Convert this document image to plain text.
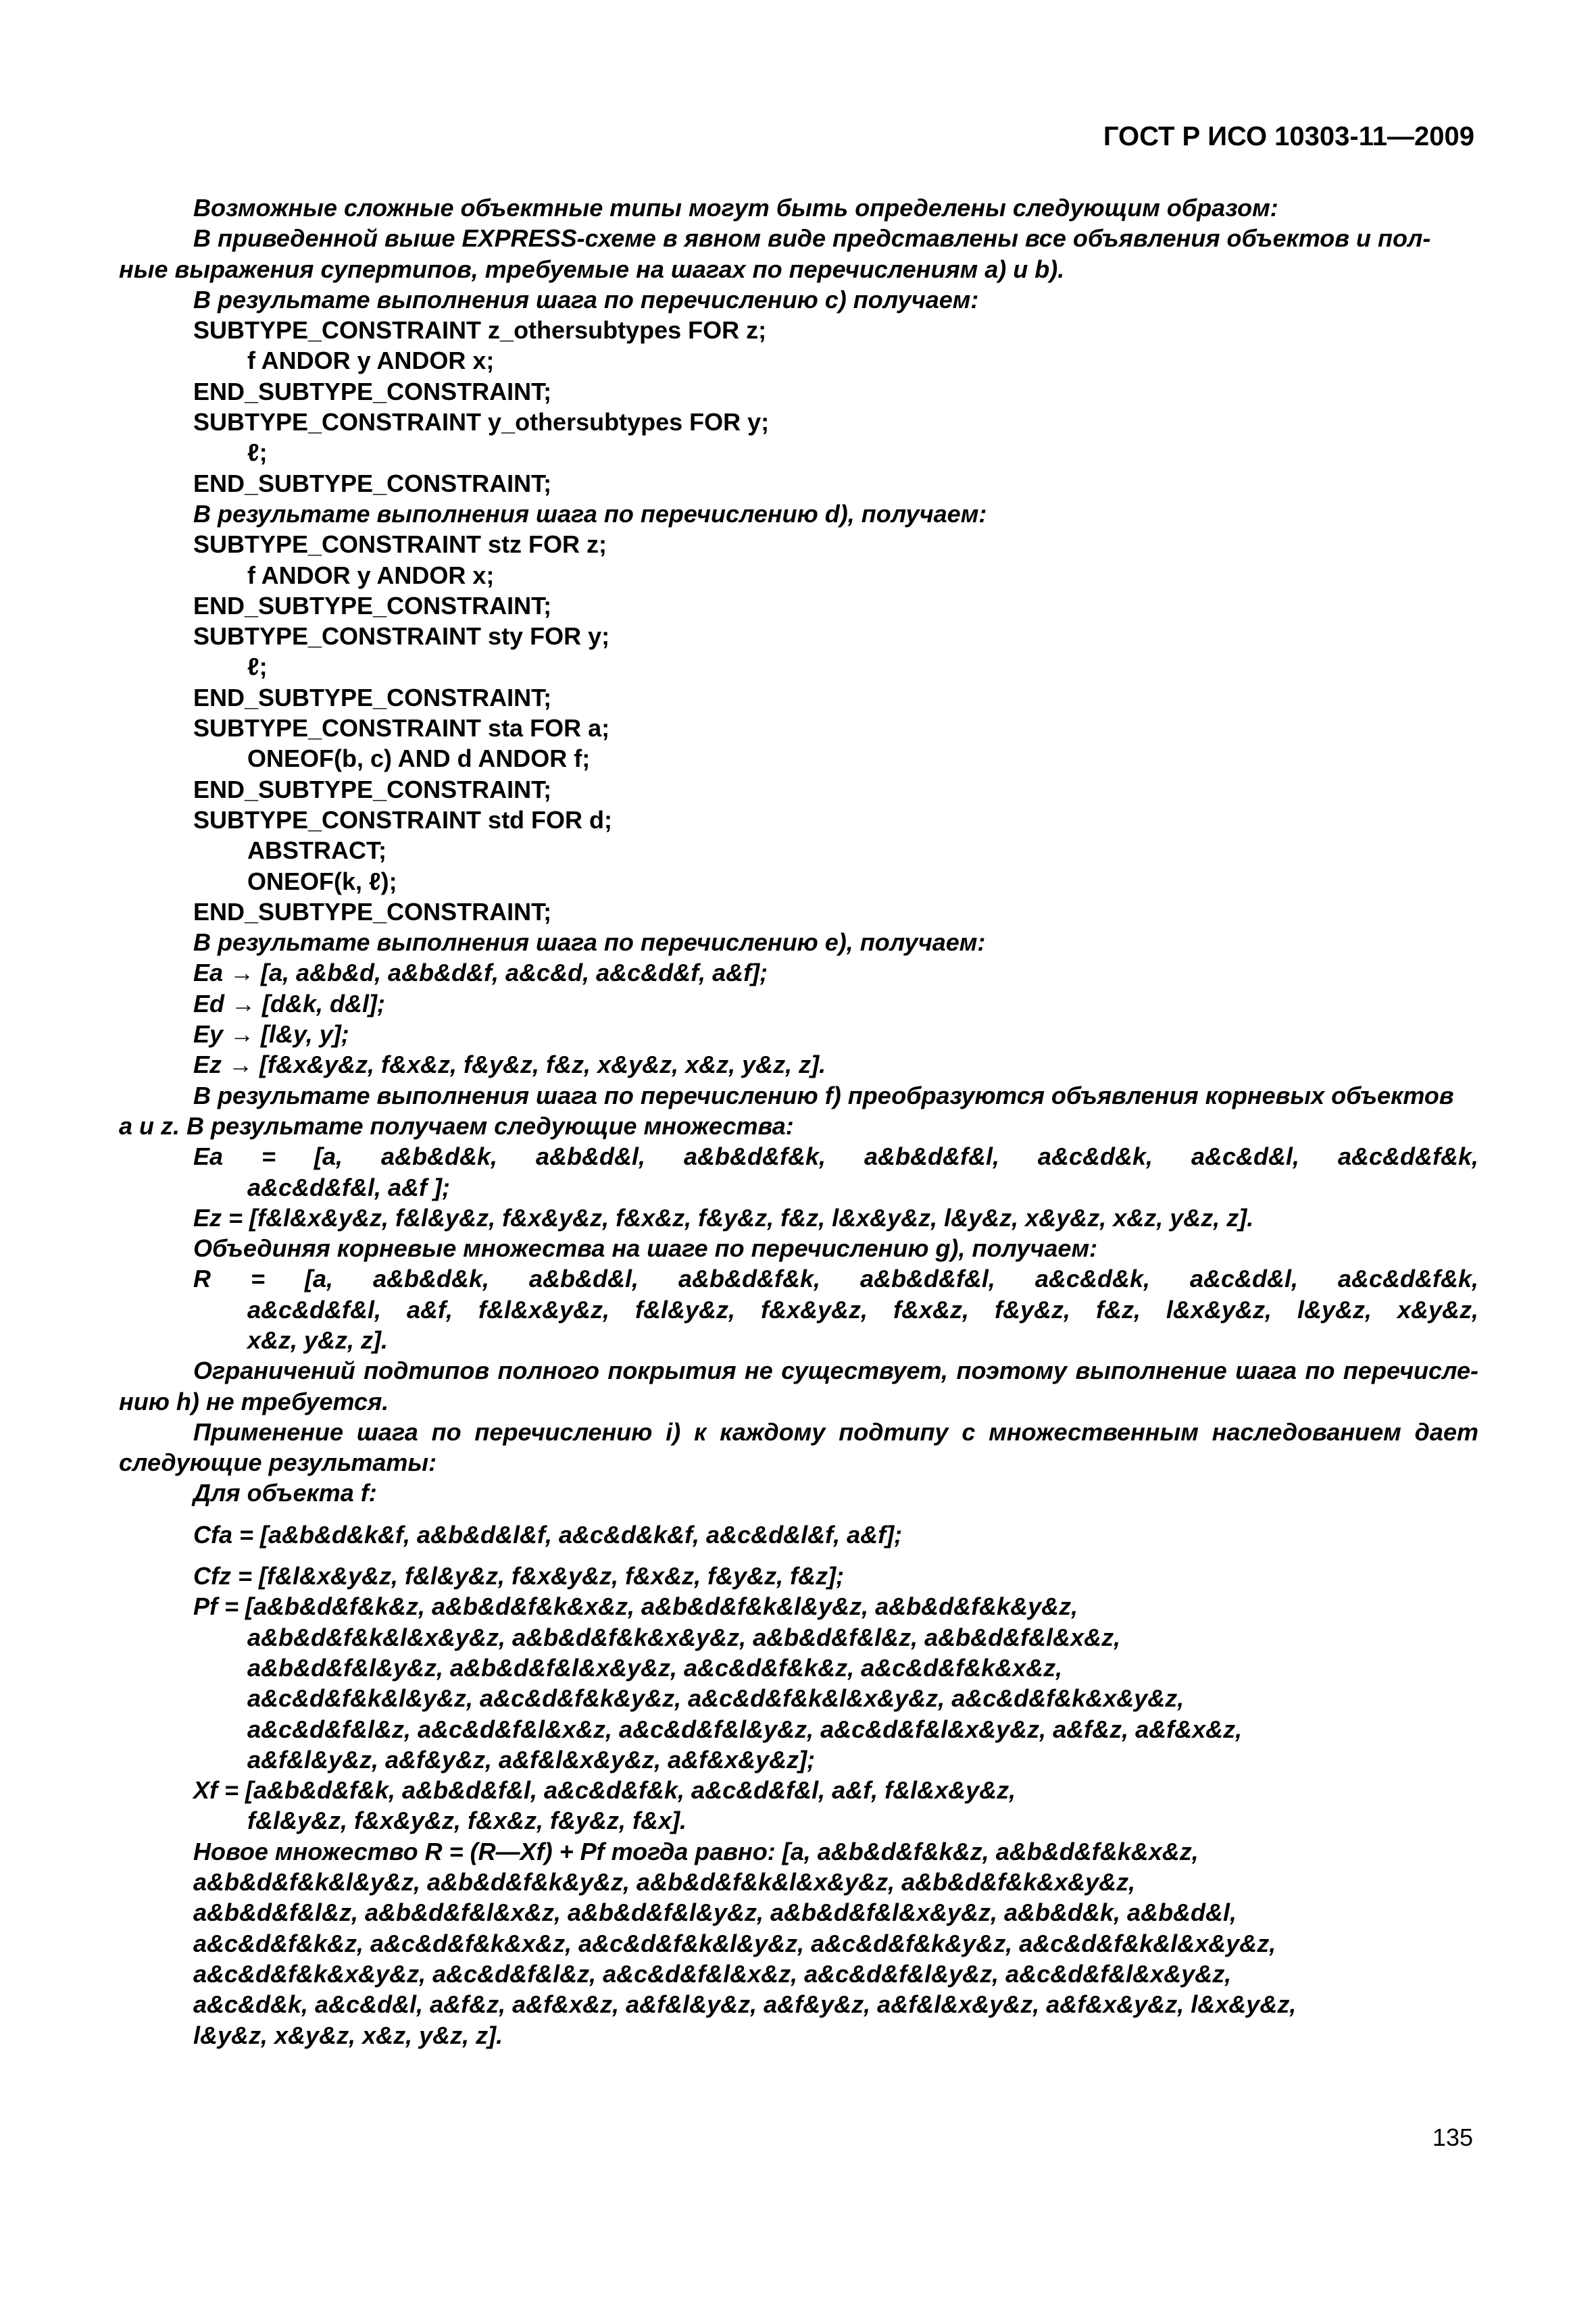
ГОСТ Р ИСО 10303-11—2009
Возможные сложные объектные типы могут быть определены следующим образом:
В приведенной выше EXPRESS-схеме в явном виде представлены все объявления объектов и пол-
ные выражения супертипов, требуемые на шагах по перечислениям а) и b).
В результате выполнения шага по перечислению c) получаем:
SUBTYPE_CONSTRAINT z_othersubtypes FOR z;
f ANDOR y ANDOR x;
END_SUBTYPE_CONSTRAINT;
SUBTYPE_CONSTRAINT y_othersubtypes FOR y;
ℓ;
END_SUBTYPE_CONSTRAINT;
В результате выполнения шага по перечислению d), получаем:
SUBTYPE_CONSTRAINT stz FOR z;
f ANDOR y ANDOR x;
END_SUBTYPE_CONSTRAINT;
SUBTYPE_CONSTRAINT sty FOR y;
ℓ;
END_SUBTYPE_CONSTRAINT;
SUBTYPE_CONSTRAINT sta FOR a;
ONEOF(b, c) AND d ANDOR f;
END_SUBTYPE_CONSTRAINT;
SUBTYPE_CONSTRAINT std FOR d;
ABSTRACT;
ONEOF(k, ℓ);
END_SUBTYPE_CONSTRAINT;
В результате выполнения шага по перечислению e), получаем:
Ea → [a, a&b&d, a&b&d&f, a&c&d, a&c&d&f, a&f];
Ed → [d&k, d&l];
Ey → [l&y, y];
Ez → [f&x&y&z, f&x&z, f&y&z, f&z, x&y&z, x&z, y&z, z].
В результате выполнения шага по перечислению f) преобразуются объявления корневых объектов
a и z. В результате получаем следующие множества:
Ea = [a, a&b&d&k, a&b&d&l, a&b&d&f&k, a&b&d&f&l, a&c&d&k, a&c&d&l, a&c&d&f&k,
a&c&d&f&l, a&f ];
Ez = [f&l&x&y&z, f&l&y&z, f&x&y&z, f&x&z, f&y&z, f&z, l&x&y&z, l&y&z, x&y&z, x&z, y&z, z].
Объединяя корневые множества на шаге по перечислению g), получаем:
R = [a, a&b&d&k, a&b&d&l, a&b&d&f&k, a&b&d&f&l, a&c&d&k, a&c&d&l, a&c&d&f&k,
a&c&d&f&l, a&f, f&l&x&y&z, f&l&y&z, f&x&y&z, f&x&z, f&y&z, f&z, l&x&y&z, l&y&z, x&y&z,
x&z, y&z, z].
Ограничений подтипов полного покрытия не существует, поэтому выполнение шага по перечисле-
нию h) не требуется.
Применение шага по перечислению i) к каждому подтипу с множественным наследованием дает
следующие результаты:
Для объекта f:
Cfa = [a&b&d&k&f, a&b&d&l&f, a&c&d&k&f, a&c&d&l&f, a&f];
Cfz = [f&l&x&y&z, f&l&y&z, f&x&y&z, f&x&z, f&y&z, f&z];
Pf = [a&b&d&f&k&z, a&b&d&f&k&x&z, a&b&d&f&k&l&y&z, a&b&d&f&k&y&z,
a&b&d&f&k&l&x&y&z, a&b&d&f&k&x&y&z, a&b&d&f&l&z, a&b&d&f&l&x&z,
a&b&d&f&l&y&z, a&b&d&f&l&x&y&z, a&c&d&f&k&z, a&c&d&f&k&x&z,
a&c&d&f&k&l&y&z, a&c&d&f&k&y&z, a&c&d&f&k&l&x&y&z, a&c&d&f&k&x&y&z,
a&c&d&f&l&z, a&c&d&f&l&x&z, a&c&d&f&l&y&z, a&c&d&f&l&x&y&z, a&f&z, a&f&x&z,
a&f&l&y&z, a&f&y&z, a&f&l&x&y&z, a&f&x&y&z];
Xf = [a&b&d&f&k, a&b&d&f&l, a&c&d&f&k, a&c&d&f&l, a&f, f&l&x&y&z,
f&l&y&z, f&x&y&z, f&x&z, f&y&z, f&x].
Новое множество R = (R—Xf) + Pf тогда равно: [a, a&b&d&f&k&z, a&b&d&f&k&x&z,
a&b&d&f&k&l&y&z, a&b&d&f&k&y&z, a&b&d&f&k&l&x&y&z, a&b&d&f&k&x&y&z,
a&b&d&f&l&z, a&b&d&f&l&x&z, a&b&d&f&l&y&z, a&b&d&f&l&x&y&z, a&b&d&k, a&b&d&l,
a&c&d&f&k&z, a&c&d&f&k&x&z, a&c&d&f&k&l&y&z, a&c&d&f&k&y&z, a&c&d&f&k&l&x&y&z,
a&c&d&f&k&x&y&z, a&c&d&f&l&z, a&c&d&f&l&x&z, a&c&d&f&l&y&z, a&c&d&f&l&x&y&z,
a&c&d&k, a&c&d&l, a&f&z, a&f&x&z, a&f&l&y&z, a&f&y&z, a&f&l&x&y&z, a&f&x&y&z, l&x&y&z,
l&y&z, x&y&z, x&z, y&z, z].
135
